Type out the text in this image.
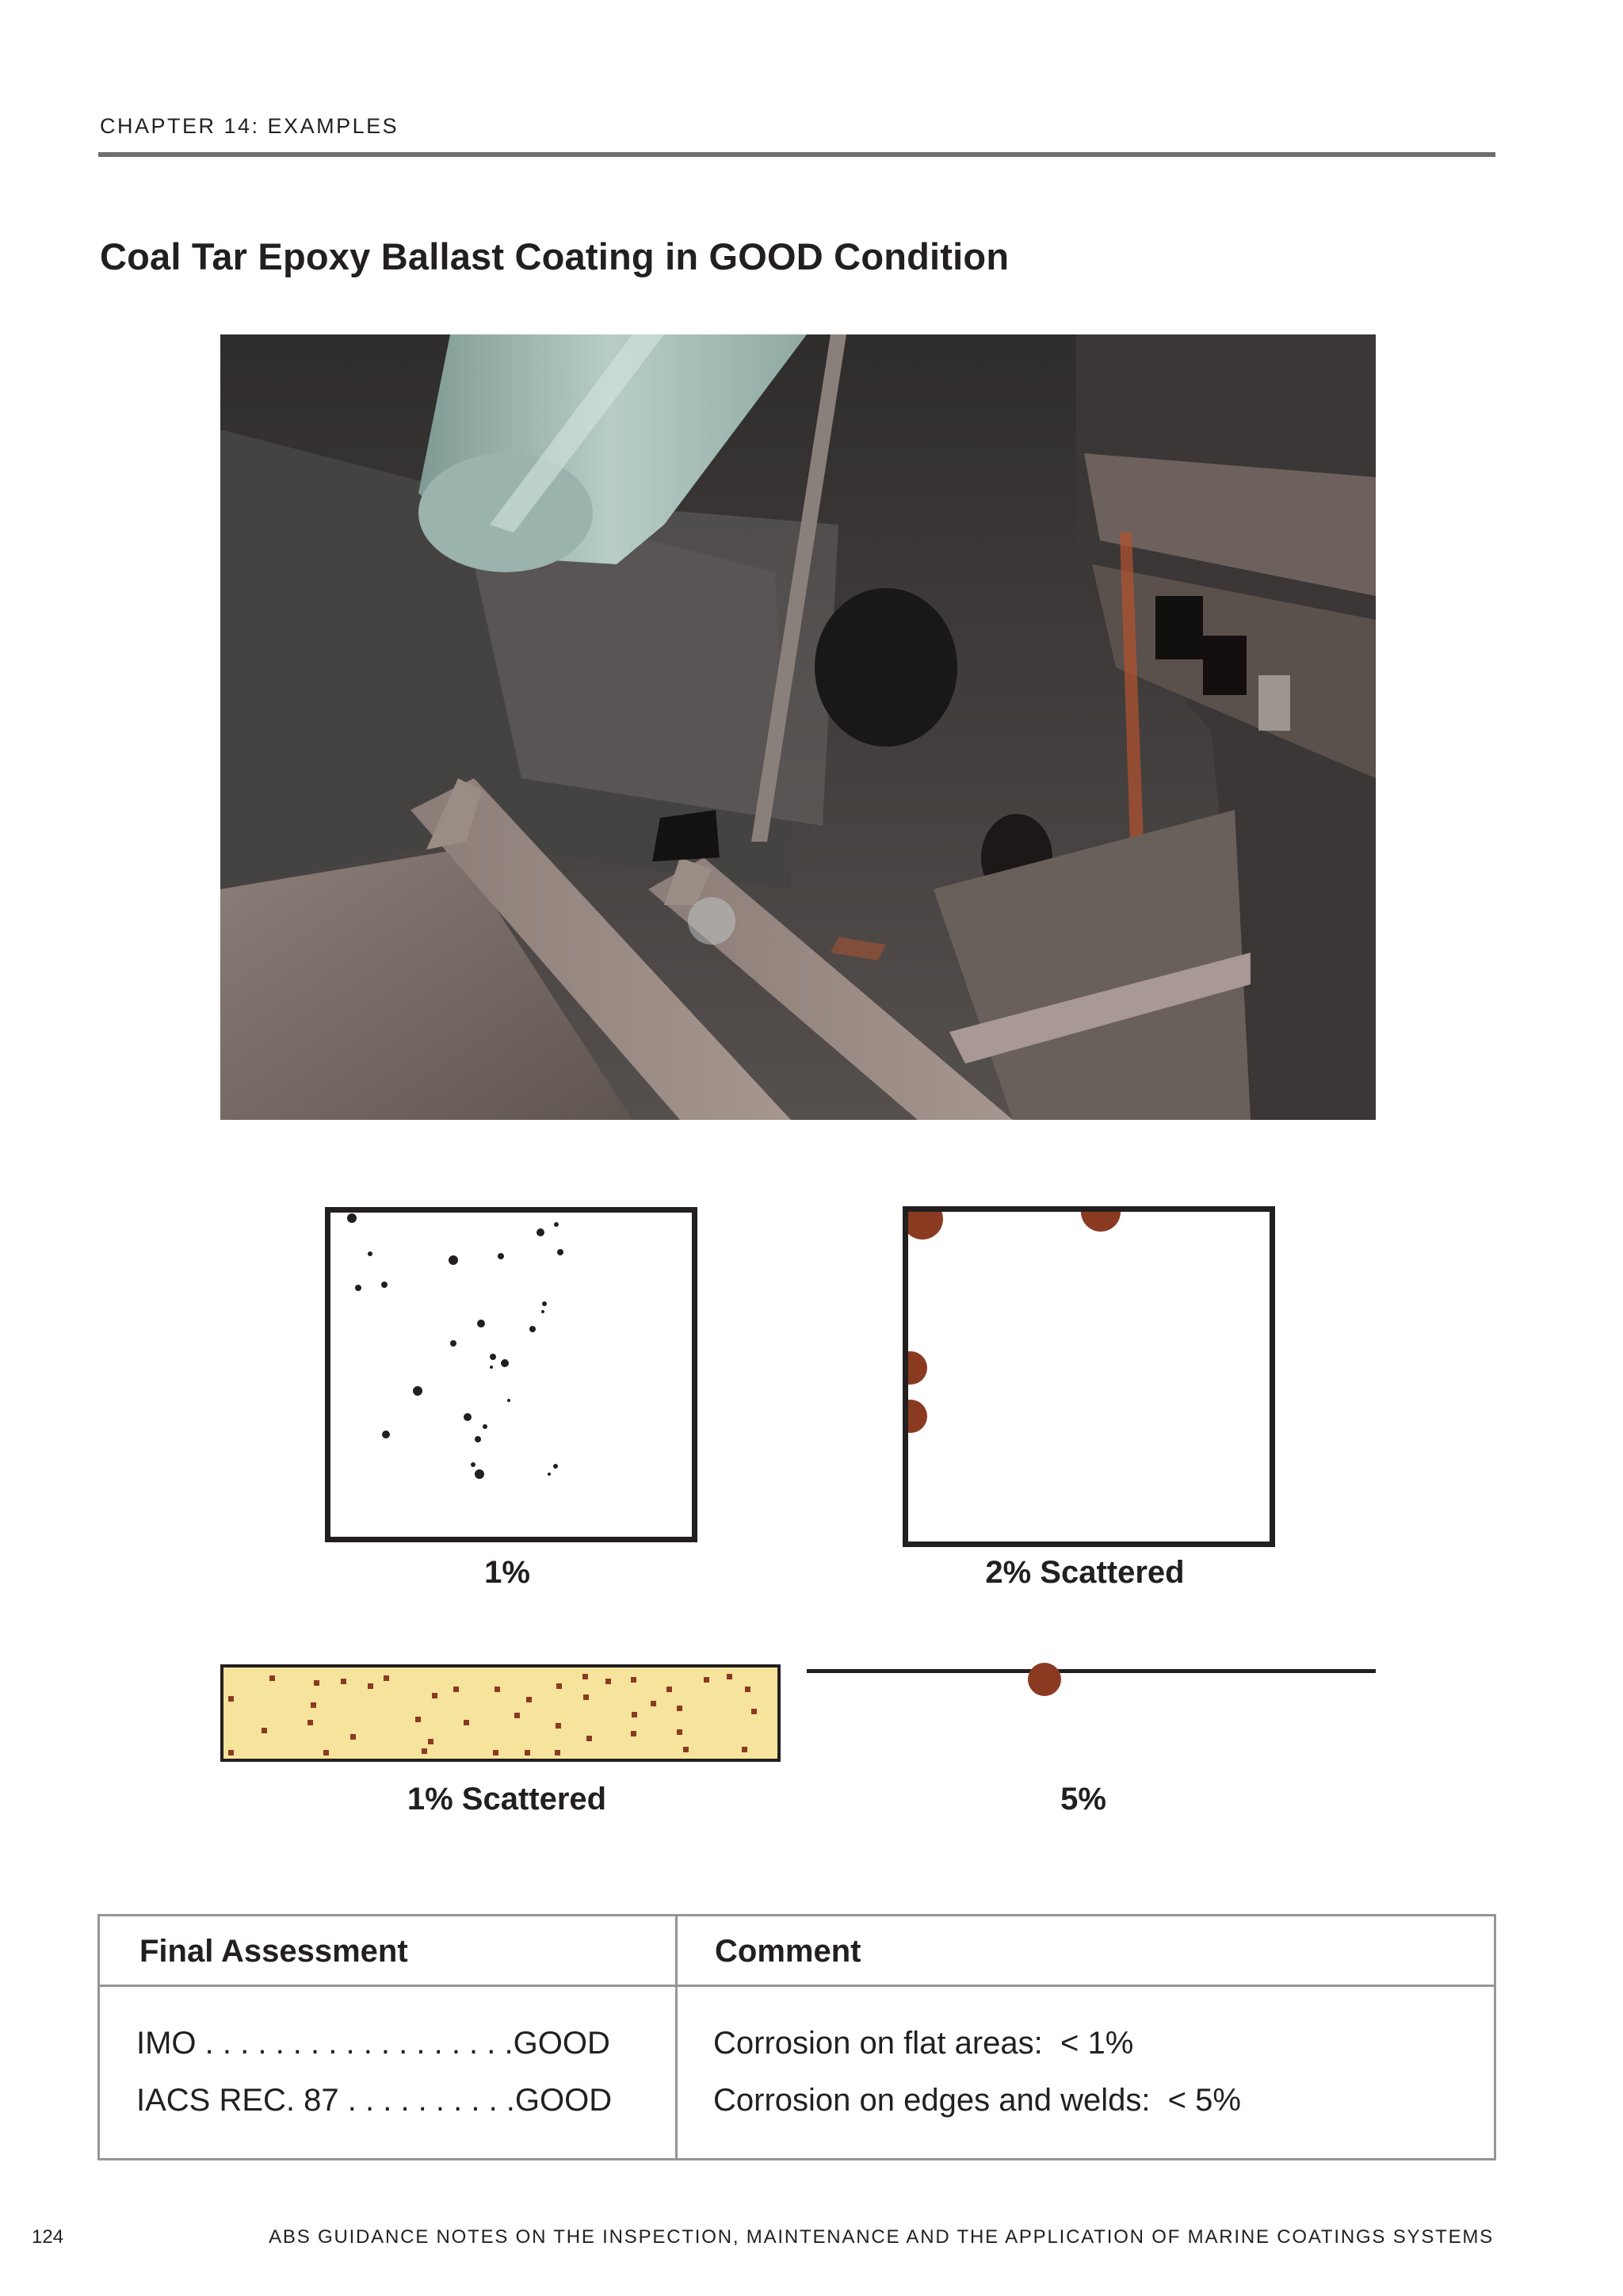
CHAPTER 14: EXAMPLES
Coal Tar Epoxy Ballast Coating in GOOD Condition
1%	2% Scattered
1% Scattered	5%
Final Assessment	Comment
IMO . . . . . . . . . . . . . . . . . .GOOD	Corrosion on flat areas:  < 1%
IACS REC. 87 . . . . . . . . . .GOOD	Corrosion on edges and welds:  < 5%
124	ABS GUIDANCE NOTES ON THE INSPECTION, MAINTENANCE AND THE APPLICATION OF MARINE COATINGS SYSTEMS
